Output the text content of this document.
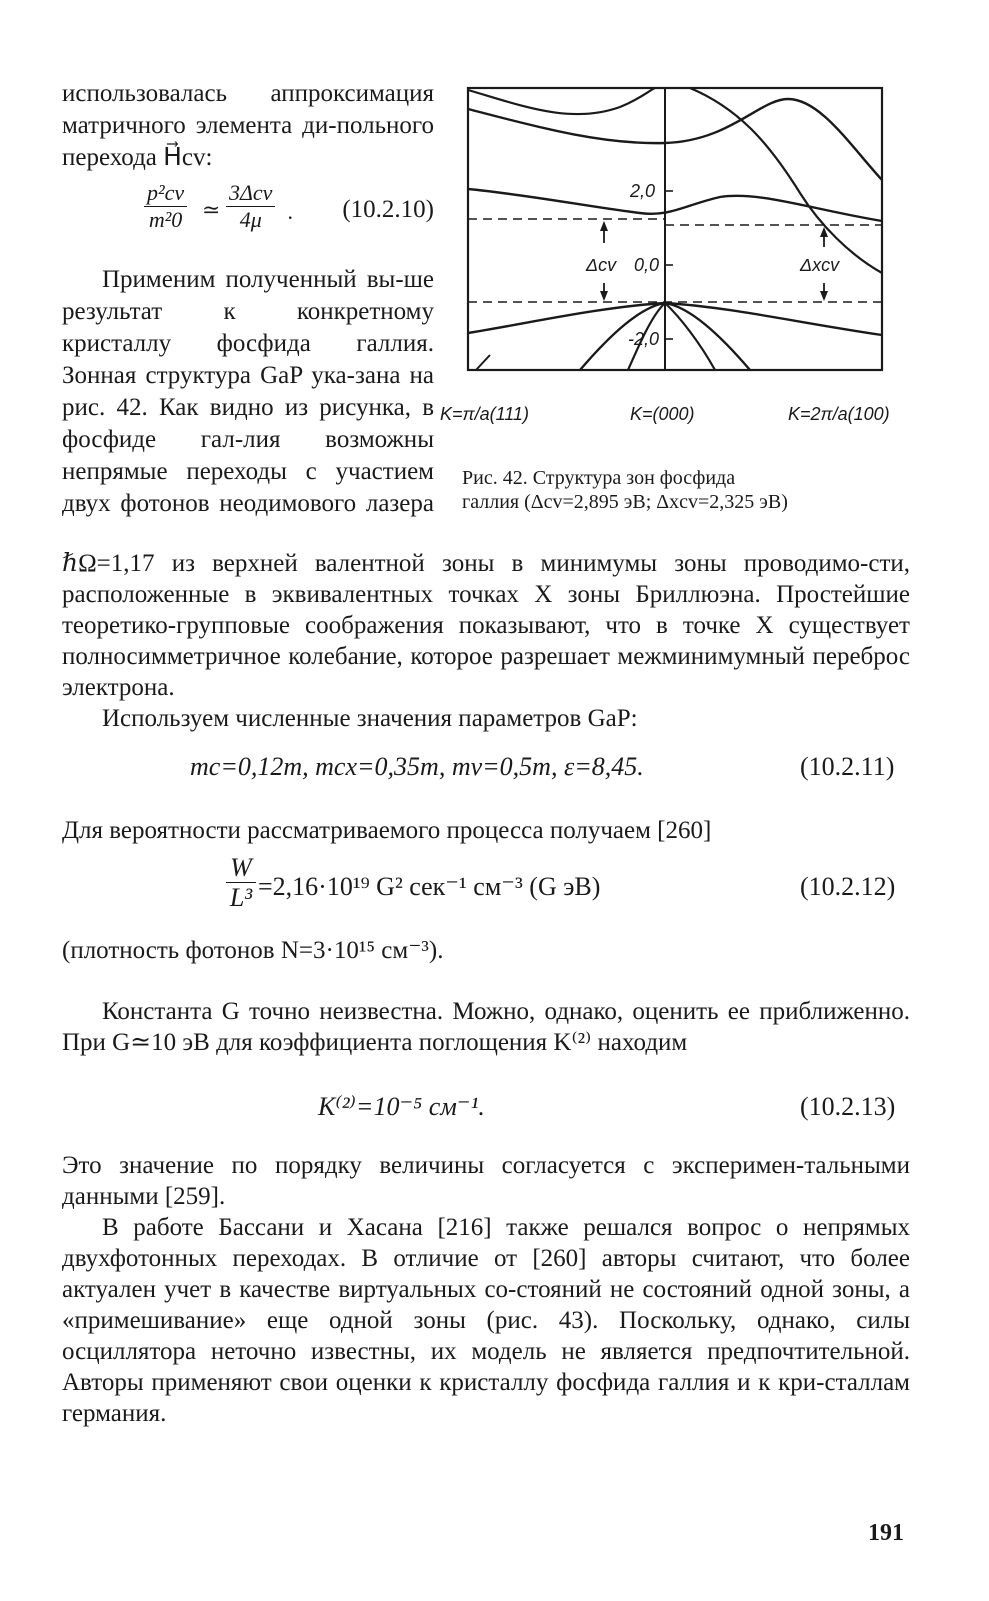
использовалась аппроксимация матричного элемента ди-польного перехода H⃗cv:

$\frac{\text{p²cv}}{\text{m²0}}$ ≃
3Δcv
4μ	. (10.2.10)

Применим полученный вы-ше результат к конкретному кристаллу фосфида галлия. Зонная структура GaP ука-зана на рис. 42. Как видно из рисунка, в фосфиде гал-лия возможны непрямые переходы с участием двух фотонов неодимового лазера

2,0
0,0
-2,0
Δcv	Δxcv
K=π/a(111)	K=(000)	K=2π/a(100)
Рис. 42. Структура зон фосфида
галлия (Δcv=2,895 эВ; Δxcv=2,325 эВ)

ℏΩ=1,17 из верхней валентной зоны в минимумы зоны проводимо-сти, расположенные в эквивалентных точках X зоны Бриллюэна. Простейшие теоретико-групповые соображения показывают, что в точке X существует полносимметричное колебание, которое разрешает межминимумный переброс электрона.

Используем численные значения параметров GaP:

mc=0,12m, mcx=0,35m, mv=0,5m, ε=8,45.	(10.2.11)

Для вероятности рассматриваемого процесса получаем [260]

W
L³ =2,16·10¹⁹ G² сек⁻¹ см⁻³ (G эВ)	(10.2.12)

(плотность фотонов N=3·10¹⁵ см⁻³).

Константа G точно неизвестна. Можно, однако, оценить ее приближенно. При G≃10 эВ для коэффициента поглощения K⁽²⁾ находим

K⁽²⁾=10⁻⁵ см⁻¹.	(10.2.13)

Это значение по порядку величины согласуется с эксперимен-тальными данными [259].

В работе Бассани и Хасана [216] также решался вопрос о непрямых двухфотонных переходах. В отличие от [260] авторы считают, что более актуален учет в качестве виртуальных со-стояний не состояний одной зоны, а «примешивание» еще одной зоны (рис. 43). Поскольку, однако, силы осциллятора неточно известны, их модель не является предпочтительной. Авторы применяют свои оценки к кристаллу фосфида галлия и к кри-сталлам германия.

191
